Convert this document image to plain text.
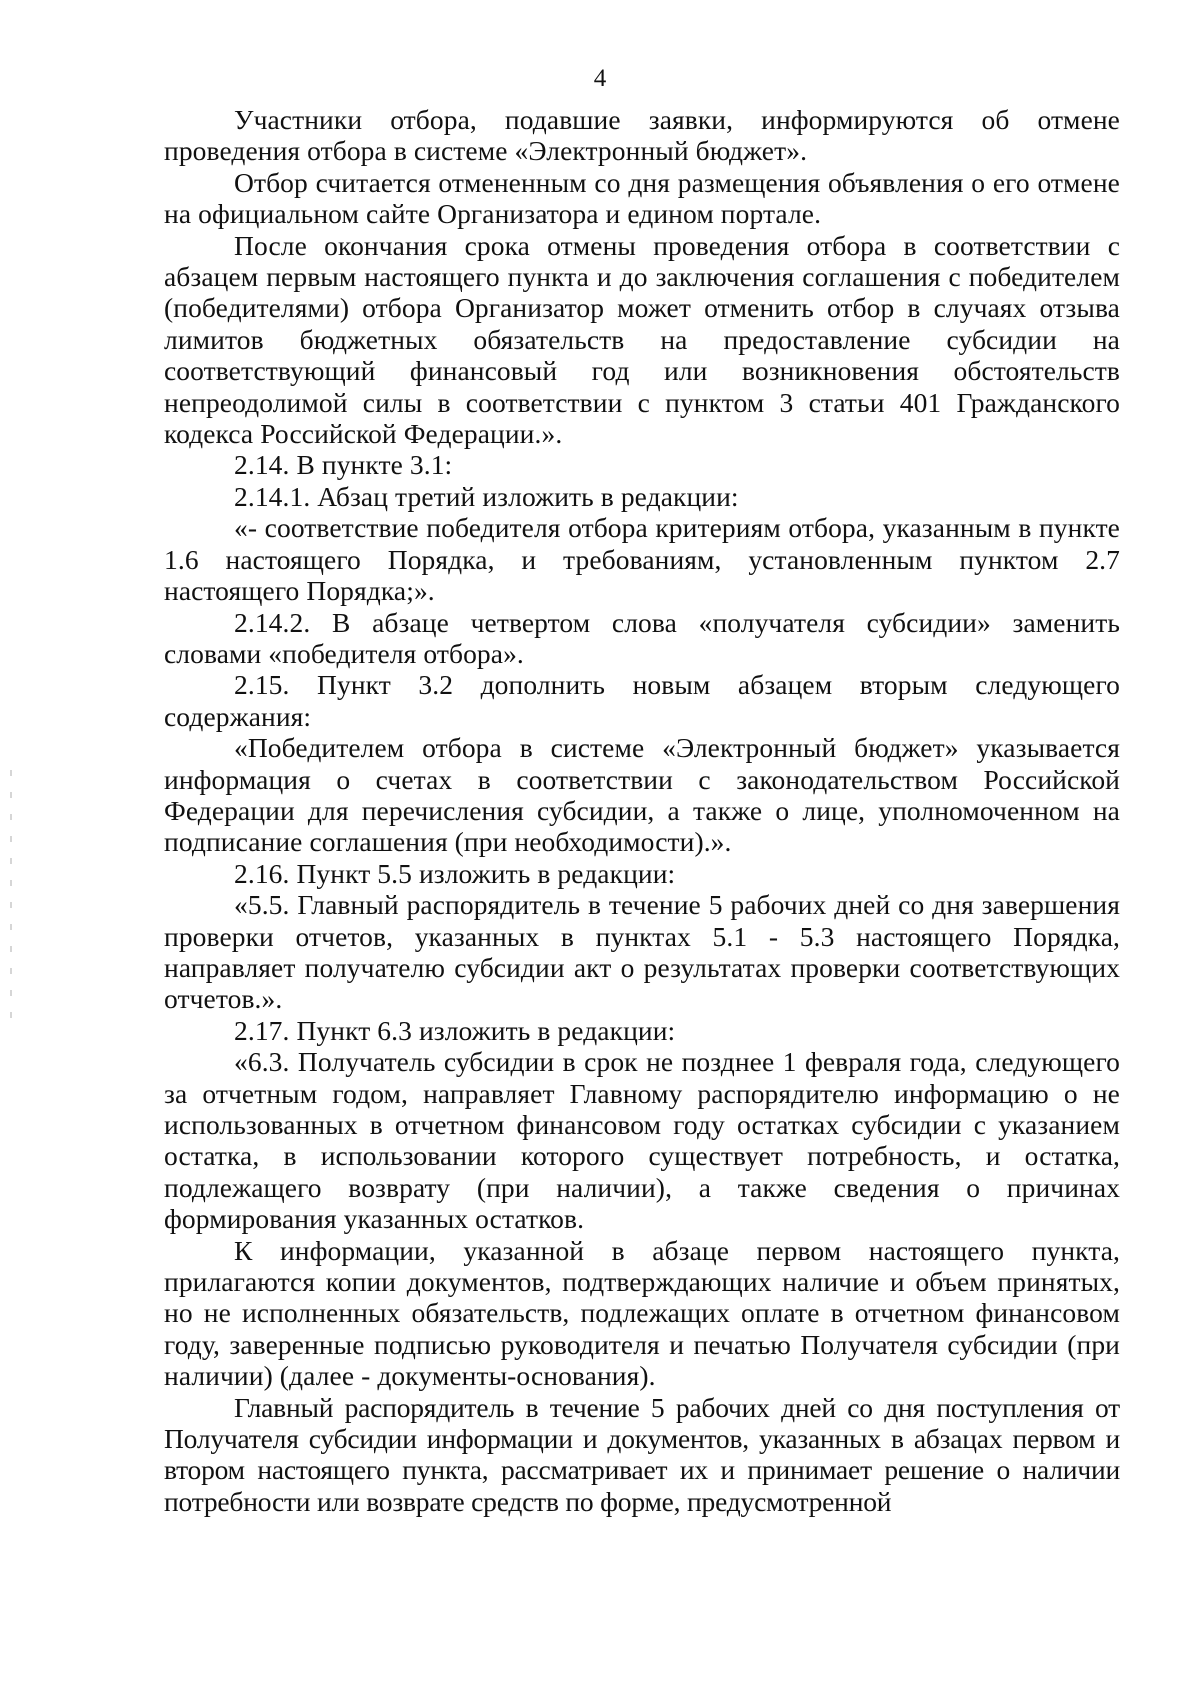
4

Участники отбора, подавшие заявки, информируются об отмене проведения отбора в системе «Электронный бюджет».

Отбор считается отмененным со дня размещения объявления о его отмене на официальном сайте Организатора и едином портале.

После окончания срока отмены проведения отбора в соответствии с абзацем первым настоящего пункта и до заключения соглашения с победителем (победителями) отбора Организатор может отменить отбор в случаях отзыва лимитов бюджетных обязательств на предоставление субсидии на соответствующий финансовый год или возникновения обстоятельств непреодолимой силы в соответствии с пунктом 3 статьи 401 Гражданского кодекса Российской Федерации.».

2.14. В пункте 3.1:

2.14.1. Абзац третий изложить в редакции:

«- соответствие победителя отбора критериям отбора, указанным в пункте 1.6 настоящего Порядка, и требованиям, установленным пунктом 2.7 настоящего Порядка;».

2.14.2. В абзаце четвертом слова «получателя субсидии» заменить словами «победителя отбора».

2.15. Пункт 3.2 дополнить новым абзацем вторым следующего содержания:

«Победителем отбора в системе «Электронный бюджет» указывается информация о счетах в соответствии с законодательством Российской Федерации для перечисления субсидии, а также о лице, уполномоченном на подписание соглашения (при необходимости).».

2.16. Пункт 5.5 изложить в редакции:

«5.5. Главный распорядитель в течение 5 рабочих дней со дня завершения проверки отчетов, указанных в пунктах 5.1 - 5.3 настоящего Порядка, направляет получателю субсидии акт о результатах проверки соответствующих отчетов.».

2.17. Пункт 6.3 изложить в редакции:

«6.3. Получатель субсидии в срок не позднее 1 февраля года, следующего за отчетным годом, направляет Главному распорядителю информацию о не использованных в отчетном финансовом году остатках субсидии с указанием остатка, в использовании которого существует потребность, и остатка, подлежащего возврату (при наличии), а также сведения о причинах формирования указанных остатков.

К информации, указанной в абзаце первом настоящего пункта, прилагаются копии документов, подтверждающих наличие и объем принятых, но не исполненных обязательств, подлежащих оплате в отчетном финансовом году, заверенные подписью руководителя и печатью Получателя субсидии (при наличии) (далее - документы-основания).

Главный распорядитель в течение 5 рабочих дней со дня поступления от Получателя субсидии информации и документов, указанных в абзацах первом и втором настоящего пункта, рассматривает их и принимает решение о наличии потребности или возврате средств по форме, предусмотренной
